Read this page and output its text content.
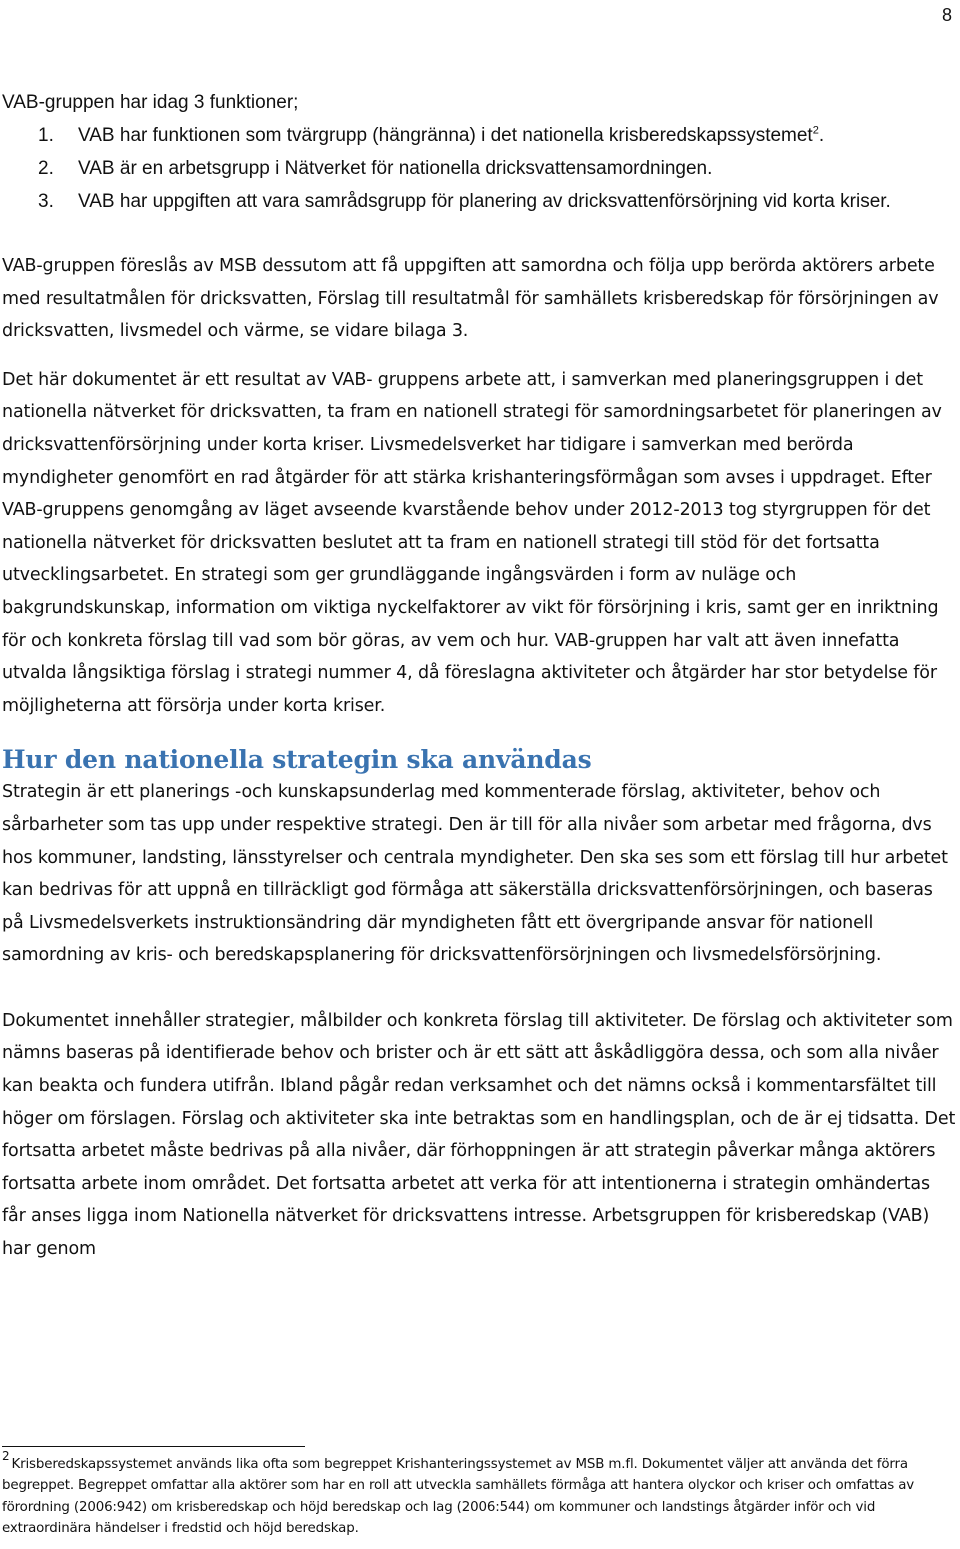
8

VAB-gruppen har idag 3 funktioner;

1. VAB har funktionen som tvärgrupp (hängränna) i det nationella krisberedskapssystemet$^2$.
2. VAB är en arbetsgrupp i Nätverket för nationella dricksvattensamordningen.
3. VAB har uppgiften att vara samrådsgrupp för planering av dricksvattenförsörjning vid korta kriser.

VAB-gruppen föreslås av MSB dessutom att få uppgiften att samordna och följa upp berörda aktörers arbete med resultatmålen för dricksvatten, Förslag till resultatmål för samhällets krisberedskap för försörjningen av dricksvatten, livsmedel och värme, se vidare bilaga 3.

Det här dokumentet är ett resultat av VAB- gruppens arbete att, i samverkan med planeringsgruppen i det nationella nätverket för dricksvatten, ta fram en nationell strategi för samordningsarbetet för planeringen av dricksvattenförsörjning under korta kriser. Livsmedelsverket har tidigare i samverkan med berörda myndigheter genomfört en rad åtgärder för att stärka krishanteringsförmågan som avses i uppdraget. Efter VAB-gruppens genomgång av läget avseende kvarstående behov under 2012-2013 tog styrgruppen för det nationella nätverket för dricksvatten beslutet att ta fram en nationell strategi till stöd för det fortsatta utvecklingsarbetet. En strategi som ger grundläggande ingångsvärden i form av nuläge och bakgrundskunskap, information om viktiga nyckelfaktorer av vikt för försörjning i kris, samt ger en inriktning för och konkreta förslag till vad som bör göras, av vem och hur. VAB-gruppen har valt att även innefatta utvalda långsiktiga förslag i strategi nummer 4, då föreslagna aktiviteter och åtgärder har stor betydelse för möjligheterna att försörja under korta kriser.

Hur den nationella strategin ska användas

Strategin är ett planerings -och kunskapsunderlag med kommenterade förslag, aktiviteter, behov och sårbarheter som tas upp under respektive strategi. Den är till för alla nivåer som arbetar med frågorna, dvs hos kommuner, landsting, länsstyrelser och centrala myndigheter. Den ska ses som ett förslag till hur arbetet kan bedrivas för att uppnå en tillräckligt god förmåga att säkerställa dricksvattenförsörjningen, och baseras på Livsmedelsverkets instruktionsändring där myndigheten fått ett övergripande ansvar för nationell samordning av kris- och beredskapsplanering för dricksvattenförsörjningen och livsmedelsförsörjning.

Dokumentet innehåller strategier, målbilder och konkreta förslag till aktiviteter. De förslag och aktiviteter som nämns baseras på identifierade behov och brister och är ett sätt att åskådliggöra dessa, och som alla nivåer kan beakta och fundera utifrån. Ibland pågår redan verksamhet och det nämns också i kommentarsfältet till höger om förslagen. Förslag och aktiviteter ska inte betraktas som en handlingsplan, och de är ej tidsatta. Det fortsatta arbetet måste bedrivas på alla nivåer, där förhoppningen är att strategin påverkar många aktörers fortsatta arbete inom området. Det fortsatta arbetet att verka för att intentionerna i strategin omhändertas får anses ligga inom Nationella nätverket för dricksvattens intresse. Arbetsgruppen för krisberedskap (VAB) har genom

2Krisberedskapssystemet används lika ofta som begreppet Krishanteringssystemet av MSB m.fl. Dokumentet väljer att använda det förra begreppet. Begreppet omfattar alla aktörer som har en roll att utveckla samhällets förmåga att hantera olyckor och kriser och omfattas av förordning (2006:942) om krisberedskap och höjd beredskap och lag (2006:544) om kommuner och landstings åtgärder inför och vid extraordinära händelser i fredstid och höjd beredskap.
